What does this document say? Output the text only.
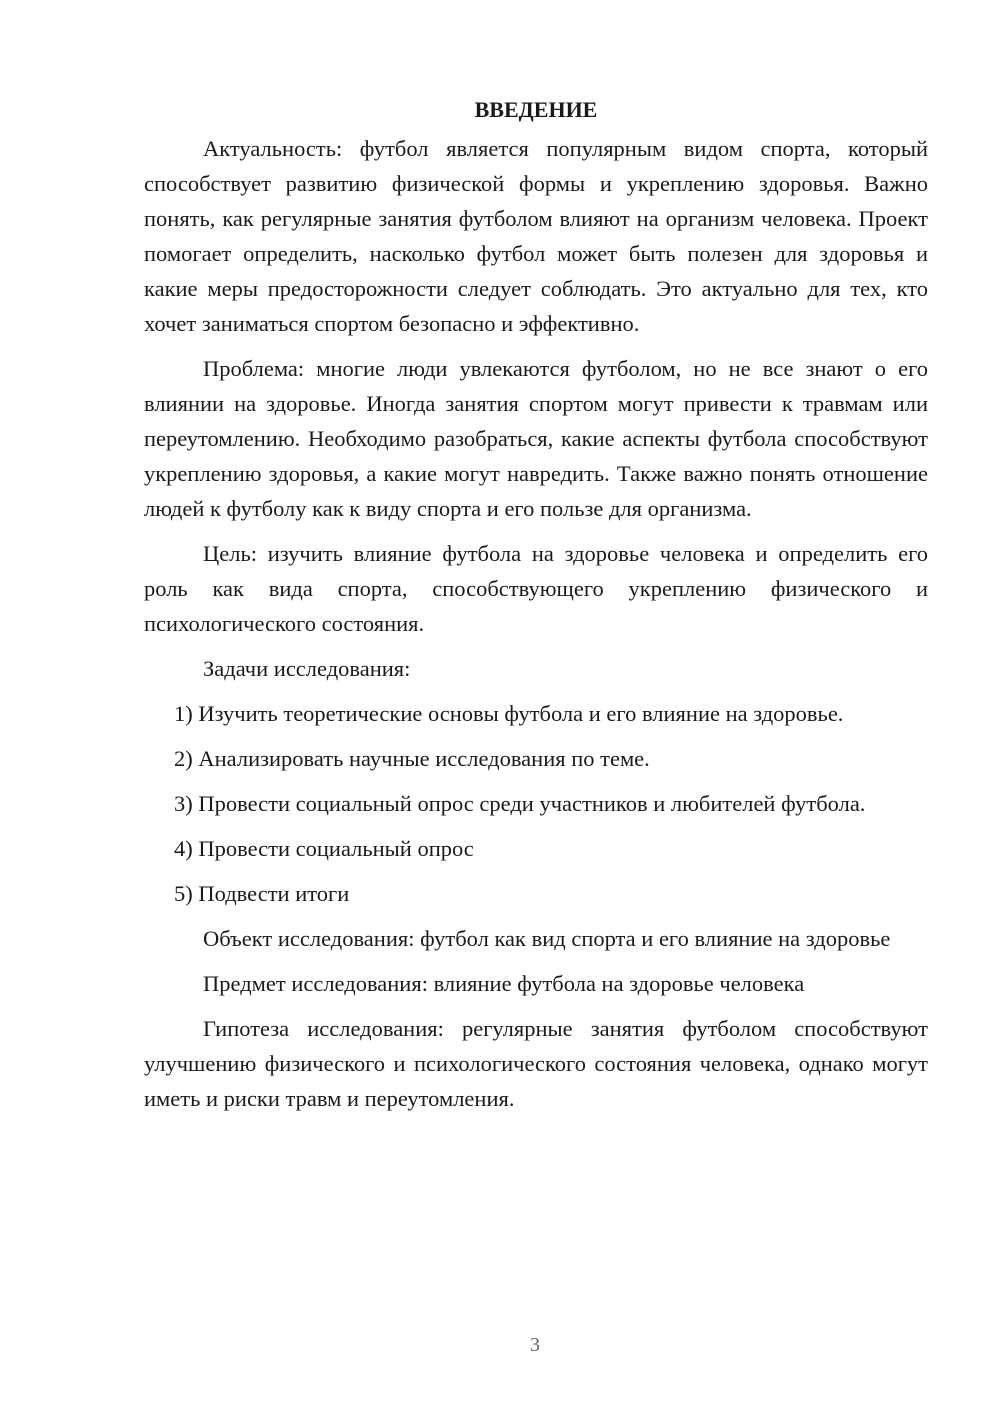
ВВЕДЕНИЕ

Актуальность: футбол является популярным видом спорта, который способствует развитию физической формы и укреплению здоровья. Важно понять, как регулярные занятия футболом влияют на организм человека. Проект помогает определить, насколько футбол может быть полезен для здоровья и какие меры предосторожности следует соблюдать. Это актуально для тех, кто хочет заниматься спортом безопасно и эффективно.

Проблема: многие люди увлекаются футболом, но не все знают о его влиянии на здоровье. Иногда занятия спортом могут привести к травмам или переутомлению. Необходимо разобраться, какие аспекты футбола способствуют укреплению здоровья, а какие могут навредить. Также важно понять отношение людей к футболу как к виду спорта и его пользе для организма.

Цель: изучить влияние футбола на здоровье человека и определить его роль как вида спорта, способствующего укреплению физического и психологического состояния.

Задачи исследования:

1) Изучить теоретические основы футбола и его влияние на здоровье.

2) Анализировать научные исследования по теме.

3) Провести социальный опрос среди участников и любителей футбола.

4) Провести социальный опрос

5) Подвести итоги

Объект исследования: футбол как вид спорта и его влияние на здоровье

Предмет исследования: влияние футбола на здоровье человека

Гипотеза исследования: регулярные занятия футболом способствуют улучшению физического и психологического состояния человека, однако могут иметь и риски травм и переутомления.

3
